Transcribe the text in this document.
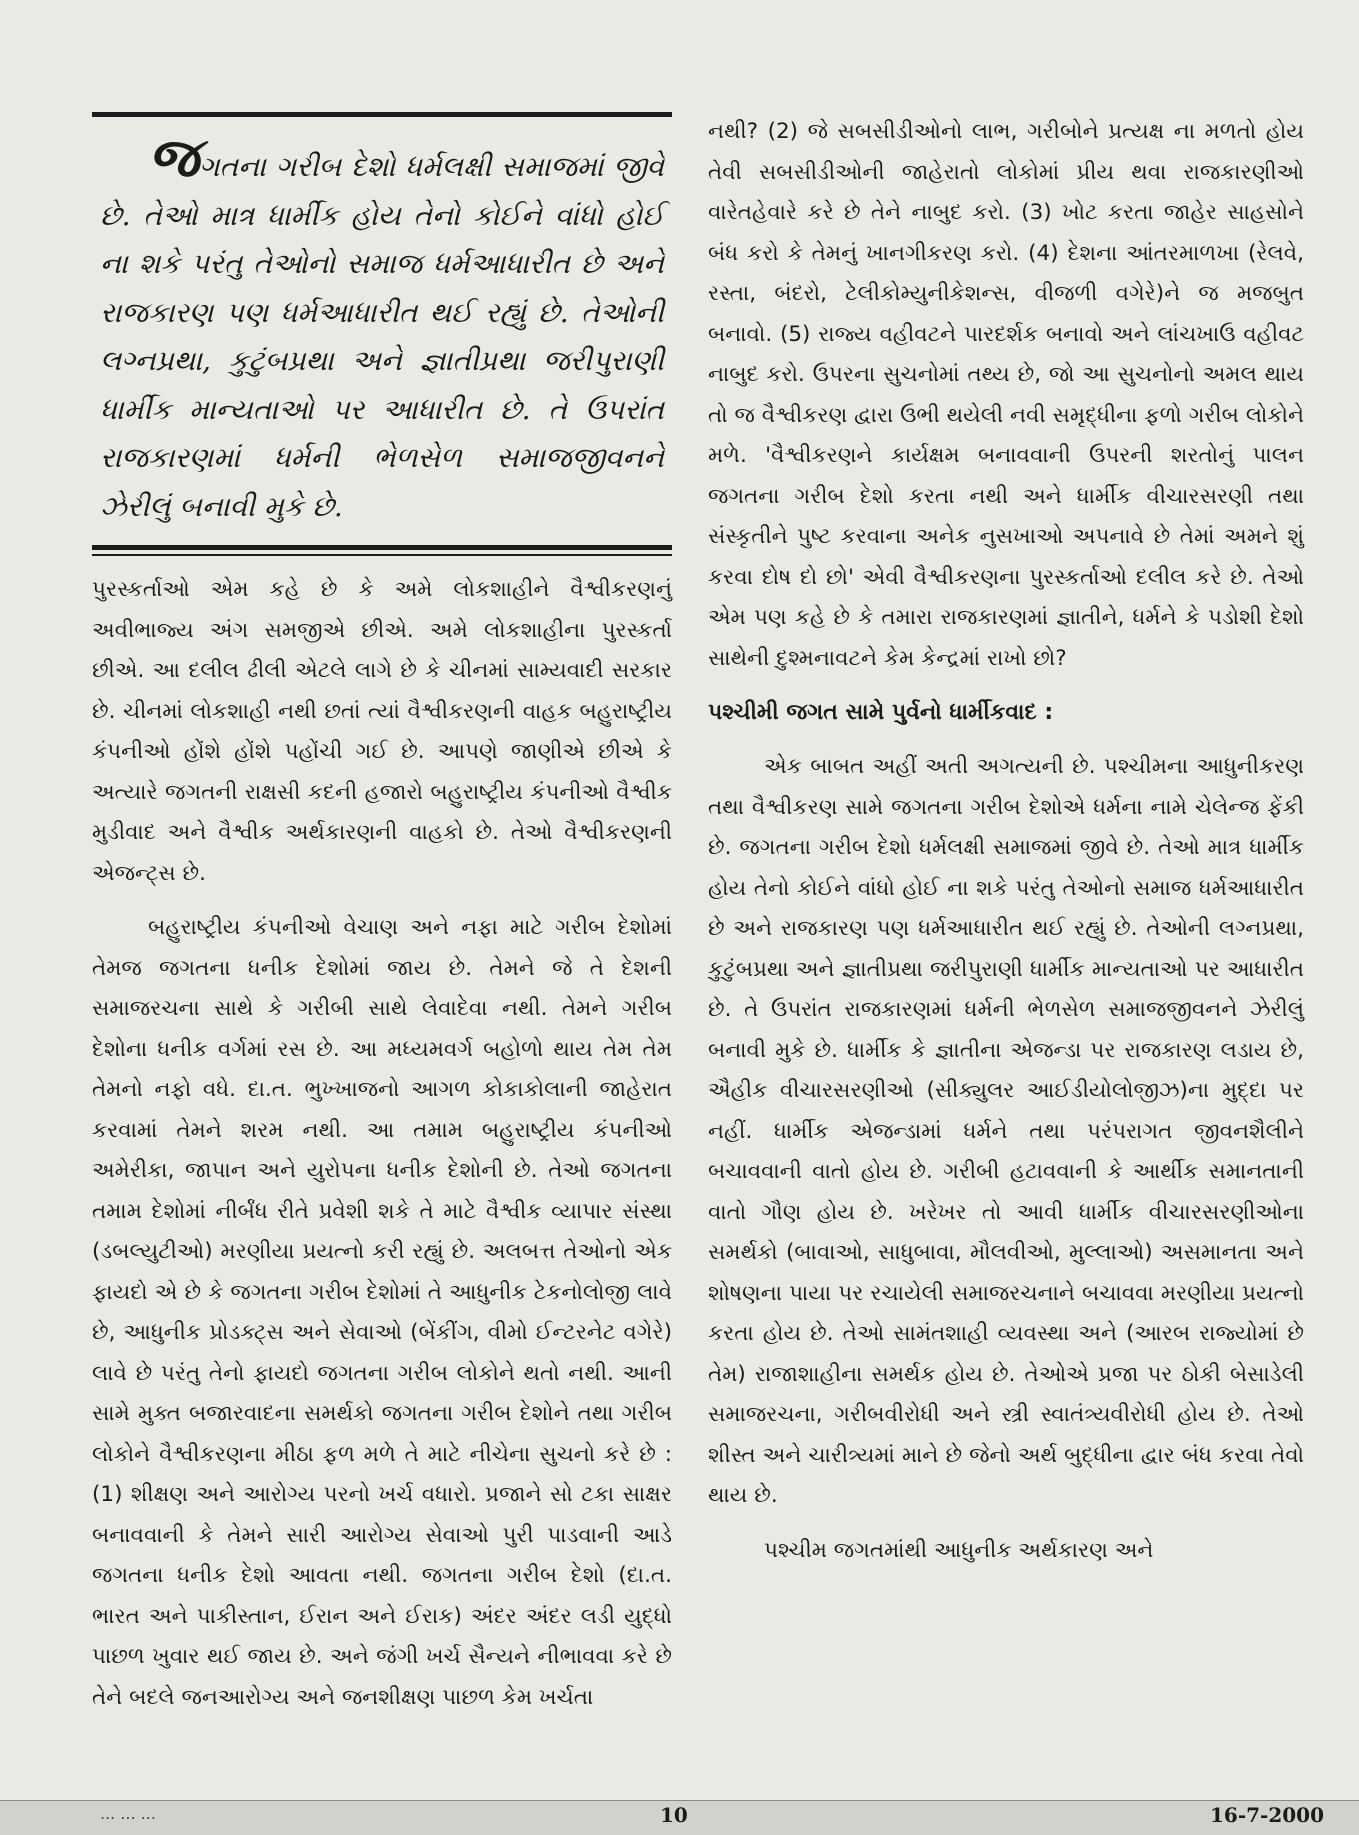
જગતના ગરીબ દેશો ધર્મલક્ષી સમાજમાં જીવે છે. તેઓ માત્ર ધાર્મીક હોય તેનો કોઈને વાંધો હોઈ ના શકે પરંતુ તેઓનો સમાજ ધર્મઆધારીત છે અને રાજકારણ પણ ધર્મઆધારીત થઈ રહ્યું છે. તેઓની લગ્નપ્રથા, કુટુંબપ્રથા અને જ્ઞાતીપ્રથા જરીપુરાણી ધાર્મીક માન્યતાઓ પર આધારીત છે. તે ઉપરાંત રાજકારણમાં ધર્મની ભેળસેળ સમાજજીવનને ઝેરીલું બનાવી મુકે છે.

પુરસ્કર્તાઓ એમ કહે છે કે અમે લોકશાહીને વૈશ્વીકરણનું અવીભાજ્ય અંગ સમજીએ છીએ. અમે લોકશાહીના પુરસ્કર્તા છીએ. આ દલીલ ઢીલી એટલે લાગે છે કે ચીનમાં સામ્યવાદી સરકાર છે. ચીનમાં લોકશાહી નથી છતાં ત્યાં વૈશ્વીકરણની વાહક બહુરાષ્ટ્રીય કંપનીઓ હોંશે હોંશે પહોંચી ગઈ છે. આપણે જાણીએ છીએ કે અત્યારે જગતની રાક્ષસી કદની હજારો બહુરાષ્ટ્રીય કંપનીઓ વૈશ્વીક મુડીવાદ અને વૈશ્વીક અર્થકારણની વાહકો છે. તેઓ વૈશ્વીકરણની એજન્ટ્સ છે.

બહુરાષ્ટ્રીય કંપનીઓ વેચાણ અને નફા માટે ગરીબ દેશોમાં તેમજ જગતના ધનીક દેશોમાં જાય છે. તેમને જે તે દેશની સમાજરચના સાથે કે ગરીબી સાથે લેવાદેવા નથી. તેમને ગરીબ દેશોના ધનીક વર્ગમાં રસ છે. આ મધ્યમવર્ગ બહોળો થાય તેમ તેમ તેમનો નફો વધે. દા.ત. ભુખ્ખાજનો આગળ કોકાકોલાની જાહેરાત કરવામાં તેમને શરમ નથી. આ તમામ બહુરાષ્ટ્રીય કંપનીઓ અમેરીકા, જાપાન અને યુરોપના ધનીક દેશોની છે. તેઓ જગતના તમામ દેશોમાં નીર્બંધ રીતે પ્રવેશી શકે તે માટે વૈશ્વીક વ્યાપાર સંસ્થા (ડબલ્યુટીઓ) મરણીયા પ્રયત્નો કરી રહ્યું છે. અલબત્ત તેઓનો એક ફાયદો એ છે કે જગતના ગરીબ દેશોમાં તે આધુનીક ટેકનોલોજી લાવે છે, આધુનીક પ્રોડક્ટ્સ અને સેવાઓ (બેંકીંગ, વીમો ઈન્ટરનેટ વગેરે) લાવે છે પરંતુ તેનો ફાયદો જગતના ગરીબ લોકોને થતો નથી. આની સામે મુક્ત બજારવાદના સમર્થકો જગતના ગરીબ દેશોને તથા ગરીબ લોકોને વૈશ્વીકરણના મીઠા ફળ મળે તે માટે નીચેના સુચનો કરે છે : (1) શીક્ષણ અને આરોગ્ય પરનો ખર્ચ વધારો. પ્રજાને સો ટકા સાક્ષર બનાવવાની કે તેમને સારી આરોગ્ય સેવાઓ પુરી પાડવાની આડે જગતના ધનીક દેશો આવતા નથી. જગતના ગરીબ દેશો (દા.ત. ભારત અને પાકીસ્તાન, ઈરાન અને ઈરાક) અંદર અંદર લડી યુદ્ધો પાછળ ખુવાર થઈ જાય છે. અને જંગી ખર્ચ સૈન્યને નીભાવવા કરે છે તેને બદલે જનઆરોગ્ય અને જનશીક્ષણ પાછળ કેમ ખર્ચતા

નથી? (2) જે સબસીડીઓનો લાભ, ગરીબોને પ્રત્યક્ષ ના મળતો હોય તેવી સબસીડીઓની જાહેરાતો લોકોમાં પ્રીય થવા રાજકારણીઓ વારેતહેવારે કરે છે તેને નાબુદ કરો. (3) ખોટ કરતા જાહેર સાહસોને બંધ કરો કે તેમનું ખાનગીકરણ કરો. (4) દેશના આંતરમાળખા (રેલવે, રસ્તા, બંદરો, ટેલીકોમ્યુનીકેશન્સ, વીજળી વગેરે)ને જ મજબુત બનાવો. (5) રાજ્ય વહીવટને પારદર્શક બનાવો અને લાંચખાઉ વહીવટ નાબુદ કરો. ઉપરના સુચનોમાં તથ્ય છે, જો આ સુચનોનો અમલ થાય તો જ વૈશ્વીકરણ દ્વારા ઉભી થયેલી નવી સમૃદ્ધીના ફળો ગરીબ લોકોને મળે. 'વૈશ્વીકરણને કાર્યક્ષમ બનાવવાની ઉપરની શરતોનું પાલન જગતના ગરીબ દેશો કરતા નથી અને ધાર્મીક વીચારસરણી તથા સંસ્કૃતીને પુષ્ટ કરવાના અનેક નુસખાઓ અપનાવે છે તેમાં અમને શું કરવા દોષ દો છો' એવી વૈશ્વીકરણના પુરસ્કર્તાઓ દલીલ કરે છે. તેઓ એમ પણ કહે છે કે તમારા રાજકારણમાં જ્ઞાતીને, ધર્મને કે પડોશી દેશો સાથેની દુશ્મનાવટને કેમ કેન્દ્રમાં રાખો છો?

પશ્ચીમી જગત સામે પુર્વનો ધાર્મીકવાદ :

એક બાબત અહીં અતી અગત્યની છે. પશ્ચીમના આધુનીકરણ તથા વૈશ્વીકરણ સામે જગતના ગરીબ દેશોએ ધર્મના નામે ચેલેન્જ ફેંકી છે. જગતના ગરીબ દેશો ધર્મલક્ષી સમાજમાં જીવે છે. તેઓ માત્ર ધાર્મીક હોય તેનો કોઈને વાંધો હોઈ ના શકે પરંતુ તેઓનો સમાજ ધર્મઆધારીત છે અને રાજકારણ પણ ધર્મઆધારીત થઈ રહ્યું છે. તેઓની લગ્નપ્રથા, કુટુંબપ્રથા અને જ્ઞાતીપ્રથા જરીપુરાણી ધાર્મીક માન્યતાઓ પર આધારીત છે. તે ઉપરાંત રાજકારણમાં ધર્મની ભેળસેળ સમાજજીવનને ઝેરીલું બનાવી મુકે છે. ધાર્મીક કે જ્ઞાતીના એજન્ડા પર રાજકારણ લડાય છે, ઐહીક વીચારસરણીઓ (સીક્યુલર આઈડીયોલોજીઝ)ના મુદ્દા પર નહીં. ધાર્મીક એજન્ડામાં ધર્મને તથા પરંપરાગત જીવનશૈલીને બચાવવાની વાતો હોય છે. ગરીબી હટાવવાની કે આર્થીક સમાનતાની વાતો ગૌણ હોય છે. ખરેખર તો આવી ધાર્મીક વીચારસરણીઓના સમર્થકો (બાવાઓ, સાધુબાવા, મૌલવીઓ, મુલ્લાઓ) અસમાનતા અને શોષણના પાયા પર રચાયેલી સમાજરચનાને બચાવવા મરણીયા પ્રયત્નો કરતા હોય છે. તેઓ સામંતશાહી વ્યવસ્થા અને (આરબ રાજ્યોમાં છે તેમ) રાજાશાહીના સમર્થક હોય છે. તેઓએ પ્રજા પર ઠોકી બેસાડેલી સમાજરચના, ગરીબવીરોધી અને સ્ત્રી સ્વાતંત્ર્યવીરોધી હોય છે. તેઓ શીસ્ત અને ચારીત્ર્યમાં માને છે જેનો અર્થ બુદ્ધીના દ્વાર બંધ કરવા તેવો થાય છે.

પશ્ચીમ જગતમાંથી આધુનીક અર્થકારણ અને

... ... ...	10	16-7-2000
